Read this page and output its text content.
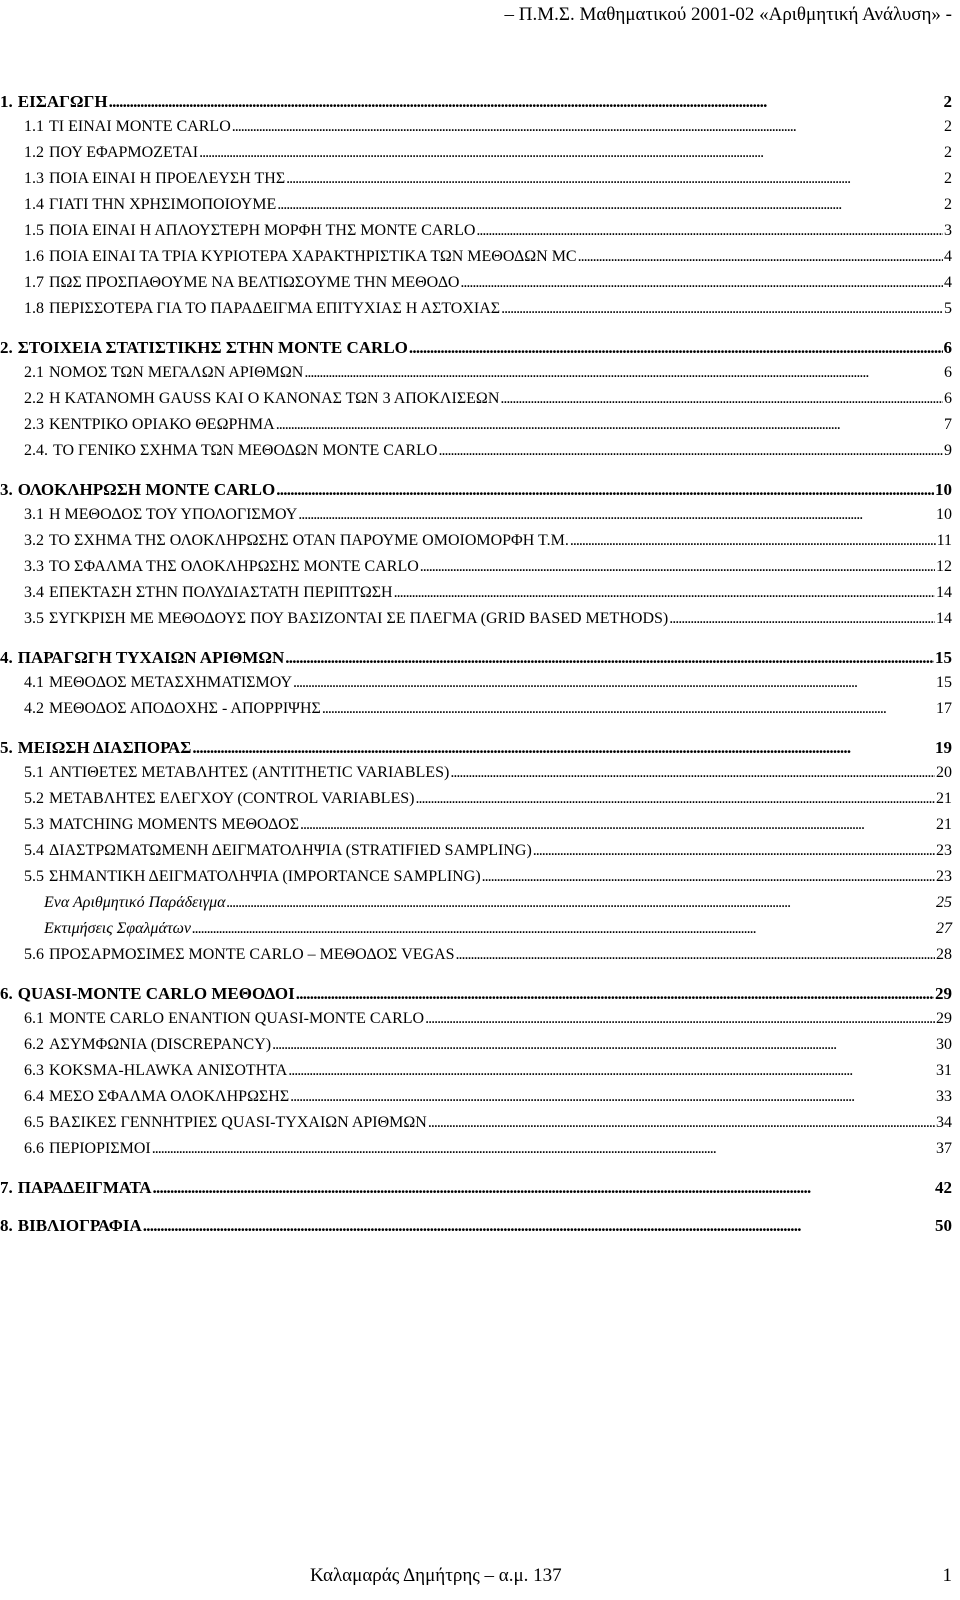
– Π.Μ.Σ. Μαθηματικού 2001-02 «Αριθμητική Ανάλυση» -
1. ΕΙΣΑΓΩΓΗ . . .	2
1.1 ΤΙ ΕΙΝΑΙ MONTE CARLO . . .	2
1.2 ΠΟΥ ΕΦΑΡΜΟΖΕΤΑΙ . . .	2
1.3 ΠΟΙΑ ΕΙΝΑΙ Η ΠΡΟΕΛΕΥΣΗ ΤΗΣ . . .	2
1.4 ΓΙΑΤΙ ΤΗΝ ΧΡΗΣΙΜΟΠΟΙΟΥΜΕ . . .	2
1.5 ΠΟΙΑ ΕΙΝΑΙ Η ΑΠΛΟΥΣΤΕΡΗ ΜΟΡΦΗ ΤΗΣ MONTE CARLO . . .	3
1.6 ΠΟΙΑ ΕΙΝΑΙ ΤΑ ΤΡΙΑ ΚΥΡΙΟΤΕΡΑ ΧΑΡΑΚΤΗΡΙΣΤΙΚΑ ΤΩΝ ΜΕΘΟΔΩΝ MC . . .	4
1.7 ΠΩΣ ΠΡΟΣΠΑΘΟΥΜΕ ΝΑ ΒΕΛΤΙΩΣΟΥΜΕ ΤΗΝ ΜΕΘΟΔΟ . . .	4
1.8 ΠΕΡΙΣΣΟΤΕΡΑ ΓΙΑ ΤΟ ΠΑΡΑΔΕΙΓΜΑ ΕΠΙΤΥΧΙΑΣ Η ΑΣΤΟΧΙΑΣ . . .	5
2. ΣΤΟΙΧΕΙΑ ΣΤΑΤΙΣΤΙΚΗΣ ΣΤΗΝ MONTE CARLO . . .	6
2.1 ΝΟΜΟΣ ΤΩΝ ΜΕΓΑΛΩΝ ΑΡΙΘΜΩΝ . . .	6
2.2 Η ΚΑΤΑΝΟΜΗ GAUSS ΚΑΙ Ο ΚΑΝΟΝΑΣ ΤΩΝ 3 ΑΠΟΚΛΙΣΕΩΝ . . .	6
2.3 ΚΕΝΤΡΙΚΟ ΟΡΙΑΚΟ ΘΕΩΡΗΜΑ . . .	7
2.4. ΤΟ ΓΕΝΙΚΟ ΣΧΗΜΑ ΤΩΝ ΜΕΘΟΔΩΝ MONTE CARLO . . .	9
3. ΟΛΟΚΛΗΡΩΣΗ MONTE CARLO . . .	10
3.1 Η ΜΕΘΟΔΟΣ ΤΟΥ ΥΠΟΛΟΓΙΣΜΟΥ . . .	10
3.2 ΤΟ ΣΧΗΜΑ ΤΗΣ ΟΛΟΚΛΗΡΩΣΗΣ ΟΤΑΝ ΠΑΡΟΥΜΕ ΟΜΟΙΟΜΟΡΦΗ Τ.Μ. . . .	11
3.3 ΤΟ ΣΦΑΛΜΑ ΤΗΣ ΟΛΟΚΛΗΡΩΣΗΣ MONTE CARLO . . .	12
3.4 ΕΠΕΚΤΑΣΗ ΣΤΗΝ ΠΟΛΥΔΙΑΣΤΑΤΗ ΠΕΡΙΠΤΩΣΗ . . .	14
3.5 ΣΥΓΚΡΙΣΗ ΜΕ ΜΕΘΟΔΟΥΣ ΠΟΥ ΒΑΣΙΖΟΝΤΑΙ ΣΕ ΠΛΕΓΜΑ (GRID BASED METHODS) . . .	14
4. ΠΑΡΑΓΩΓΗ ΤΥΧΑΙΩΝ ΑΡΙΘΜΩΝ . . .	15
4.1 ΜΕΘΟΔΟΣ ΜΕΤΑΣΧΗΜΑΤΙΣΜΟΥ . . .	15
4.2 ΜΕΘΟΔΟΣ ΑΠΟΔΟΧΗΣ - ΑΠΟΡΡΙΨΗΣ . . .	17
5. ΜΕΙΩΣΗ ΔΙΑΣΠΟΡΑΣ . . .	19
5.1 ΑΝΤΙΘΕΤΕΣ ΜΕΤΑΒΛΗΤΕΣ (ANTITHETIC VARIABLES) . . .	20
5.2 ΜΕΤΑΒΛΗΤΕΣ ΕΛΕΓΧΟΥ (CONTROL VARIABLES) . . .	21
5.3 MATCHING MOMENTS ΜΕΘΟΔΟΣ . . .	21
5.4 ΔΙΑΣΤΡΩΜΑΤΩΜΕΝΗ ΔΕΙΓΜΑΤΟΛΗΨΙΑ (STRATIFIED SAMPLING) . . .	23
5.5 ΣΗΜΑΝΤΙΚΗ ΔΕΙΓΜΑΤΟΛΗΨΙΑ (IMPORTANCE SAMPLING) . . .	23
Ενα Αριθμητικό Παράδειγμα . . .	25
Εκτιμήσεις Σφαλμάτων . . .	27
5.6 ΠΡΟΣΑΡΜΟΣΙΜΕΣ MONTE CARLO – ΜΕΘΟΔΟΣ VEGAS . . .	28
6. QUASI-MONTE CARLO ΜΕΘΟΔΟΙ . . .	29
6.1 MONTE CARLO ΕΝΑΝΤΙΟΝ QUASI-MONTE CARLO . . .	29
6.2 ΑΣΥΜΦΩΝΙΑ (DISCREPANCY) . . .	30
6.3 KOKSMA-HLAWKA ΑΝΙΣΟΤΗΤΑ . . .	31
6.4 ΜΕΣΟ ΣΦΑΛΜΑ ΟΛΟΚΛΗΡΩΣΗΣ . . .	33
6.5 ΒΑΣΙΚΕΣ ΓΕΝΝΗΤΡΙΕΣ QUASI-ΤΥΧΑΙΩΝ ΑΡΙΘΜΩΝ . . .	34
6.6 ΠΕΡΙΟΡΙΣΜΟΙ . . .	37
7. ΠΑΡΑΔΕΙΓΜΑΤΑ . . .	42
8. ΒΙΒΛΙΟΓΡΑΦΙΑ . . .	50
Καλαμαράς Δημήτρης – α.μ. 137	1
